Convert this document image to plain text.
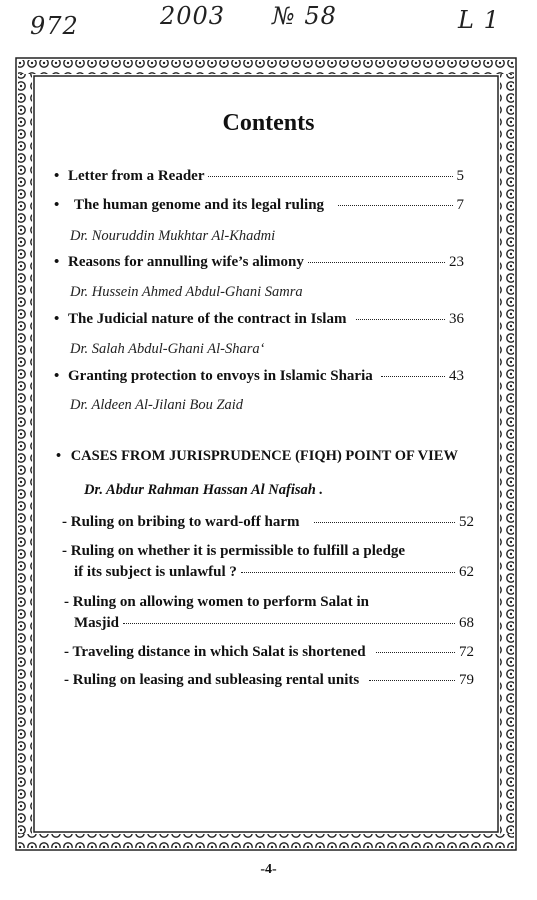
972	2003 № 58	L 1
Contents
• Letter from a Reader	5
• The human genome and its legal ruling	7
Dr. Nouruddin Mukhtar Al-Khadmi
• Reasons for annulling wife’s alimony	23
Dr. Hussein Ahmed Abdul-Ghani Samra
• The Judicial nature of the contract in Islam	36
Dr. Salah Abdul-Ghani Al-Shara‘
• Granting protection to envoys in Islamic Sharia	43
Dr. Aldeen Al-Jilani Bou Zaid
• CASES FROM JURISPRUDENCE (FIQH) POINT OF VIEW
Dr. Abdur Rahman Hassan Al Nafisah .
- Ruling on bribing to ward-off harm	52
- Ruling on whether it is permissible to fulfill a pledge
if its subject is unlawful ?	62
- Ruling on allowing women to perform Salat in
Masjid	68
- Traveling distance in which Salat is shortened	72
- Ruling on leasing and subleasing rental units	79
-4-
